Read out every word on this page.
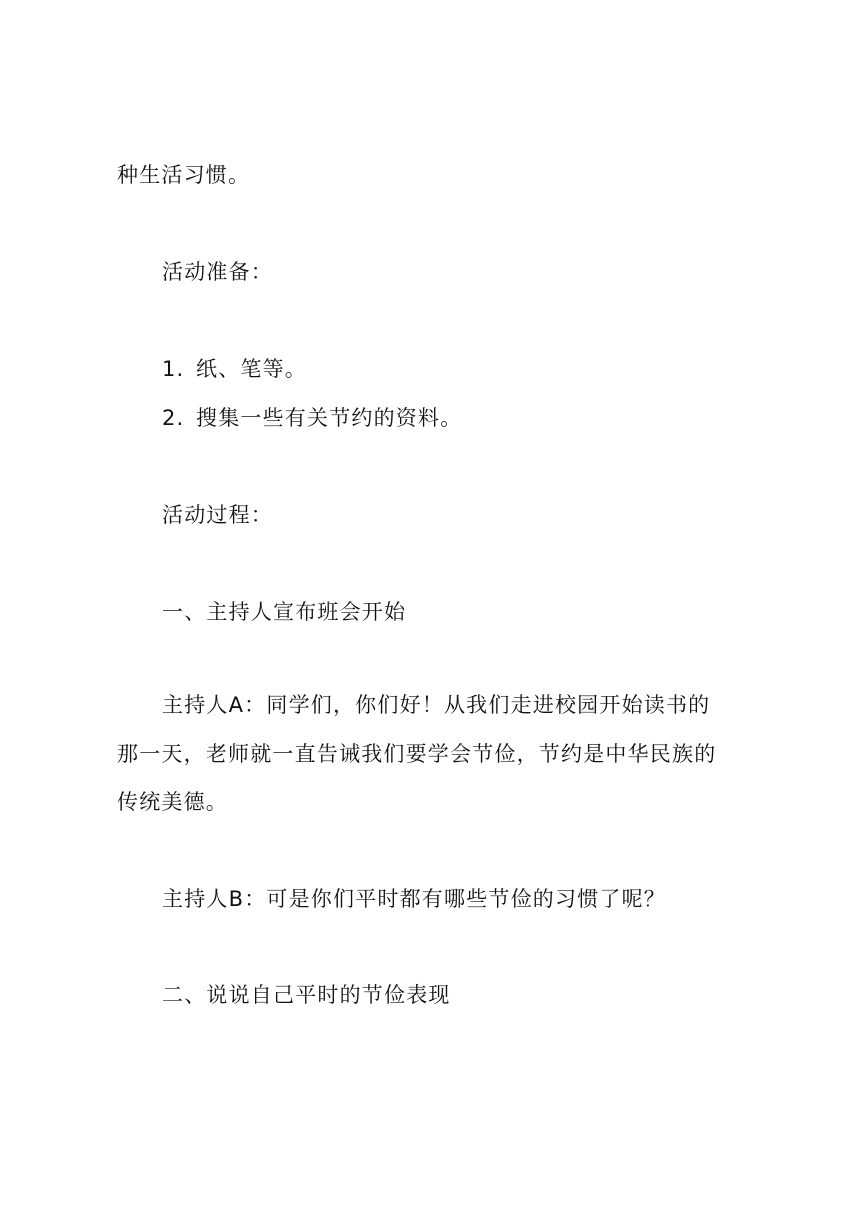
种生活习惯。
活动准备：
1. 纸、笔等。
2. 搜集一些有关节约的资料。
活动过程：
一、主持人宣布班会开始
主持人A：同学们，你们好！从我们走进校园开始读书的
那一天，老师就一直告诫我们要学会节俭，节约是中华民族的
传统美德。
主持人B：可是你们平时都有哪些节俭的习惯了呢？
二、说说自己平时的节俭表现
